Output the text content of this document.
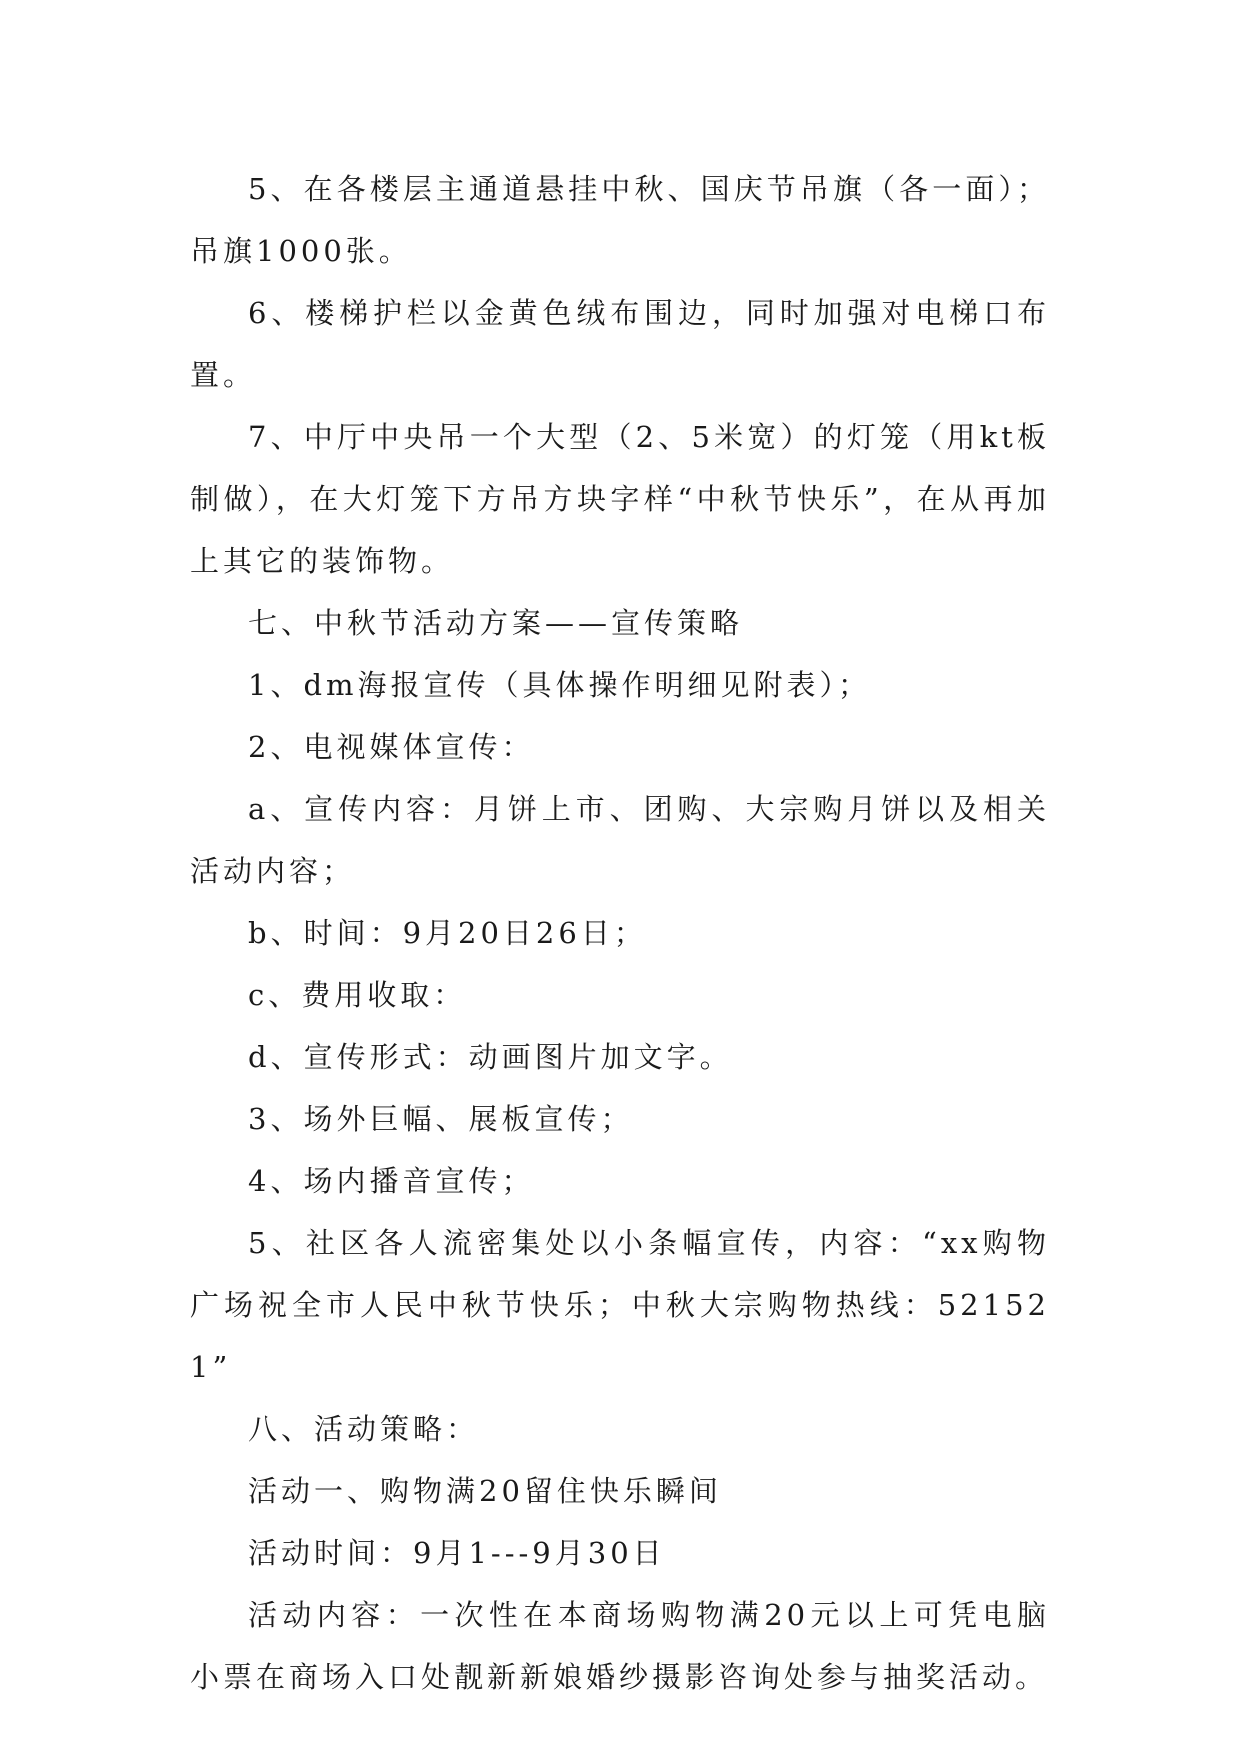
5、在各楼层主通道悬挂中秋、国庆节吊旗（各一面）；吊旗1000张。

6、楼梯护栏以金黄色绒布围边，同时加强对电梯口布置。

7、中厅中央吊一个大型（2、5米宽）的灯笼（用kt板制做），在大灯笼下方吊方块字样“中秋节快乐”，在从再加上其它的装饰物。

七、中秋节活动方案——宣传策略

1、dm海报宣传（具体操作明细见附表）；

2、电视媒体宣传：

a、宣传内容：月饼上市、团购、大宗购月饼以及相关活动内容；

b、时间：9月20日26日；

c、费用收取：

d、宣传形式：动画图片加文字。

3、场外巨幅、展板宣传；

4、场内播音宣传；

5、社区各人流密集处以小条幅宣传，内容：“xx购物广场祝全市人民中秋节快乐；中秋大宗购物热线：521521”

八、活动策略：

活动一、购物满20留住快乐瞬间

活动时间：9月1---9月30日

活动内容：一次性在本商场购物满20元以上可凭电脑小票在商场入口处靓新新娘婚纱摄影咨询处参与抽奖活动。
